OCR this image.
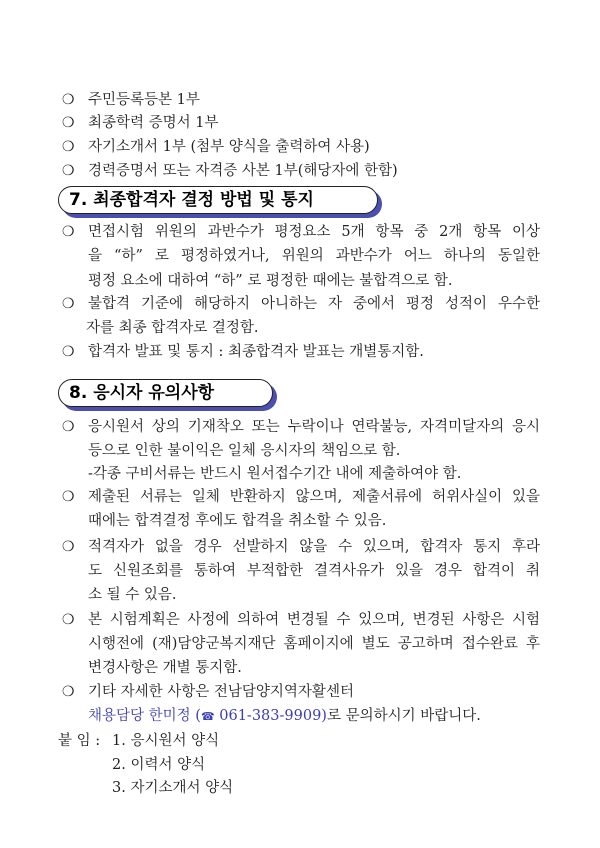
❍ 주민등록등본 1부
❍ 최종학력 증명서 1부
❍ 자기소개서 1부 (첨부 양식을 출력하여 사용)
❍ 경력증명서 또는 자격증 사본 1부(해당자에 한함)
7. 최종합격자 결정 방법 및 통지
❍ 면접시험 위원의 과반수가 평정요소 5개 항목 중 2개 항목 이상
을 “하” 로 평정하였거나, 위원의 과반수가 어느 하나의 동일한
평정 요소에 대하여 “하” 로 평정한 때에는 불합격으로 함.
❍ 불합격 기준에 해당하지 아니하는 자 중에서 평정 성적이 우수한
자를 최종 합격자로 결정함.
❍ 합격자 발표 및 통지 : 최종합격자 발표는 개별통지함.
8. 응시자 유의사항
❍ 응시원서 상의 기재착오 또는 누락이나 연락불능, 자격미달자의 응시
등으로 인한 불이익은 일체 응시자의 책임으로 함.
-각종 구비서류는 반드시 원서접수기간 내에 제출하여야 함.
❍ 제출된 서류는 일체 반환하지 않으며, 제출서류에 허위사실이 있을
때에는 합격결정 후에도 합격을 취소할 수 있음.
❍ 적격자가 없을 경우 선발하지 않을 수 있으며, 합격자 통지 후라
도 신원조회를 통하여 부적합한 결격사유가 있을 경우 합격이 취
소 될 수 있음.
❍ 본 시험계획은 사정에 의하여 변경될 수 있으며, 변경된 사항은 시험
시행전에 (재)담양군복지재단 홈페이지에 별도 공고하며 접수완료 후
변경사항은 개별 통지함.
❍ 기타 자세한 사항은 전남담양지역자활센터
채용담당 한미정 (☎ 061-383-9909)로 문의하시기 바랍니다.
붙 임 : 1. 응시원서 양식
2. 이력서 양식
3. 자기소개서 양식
